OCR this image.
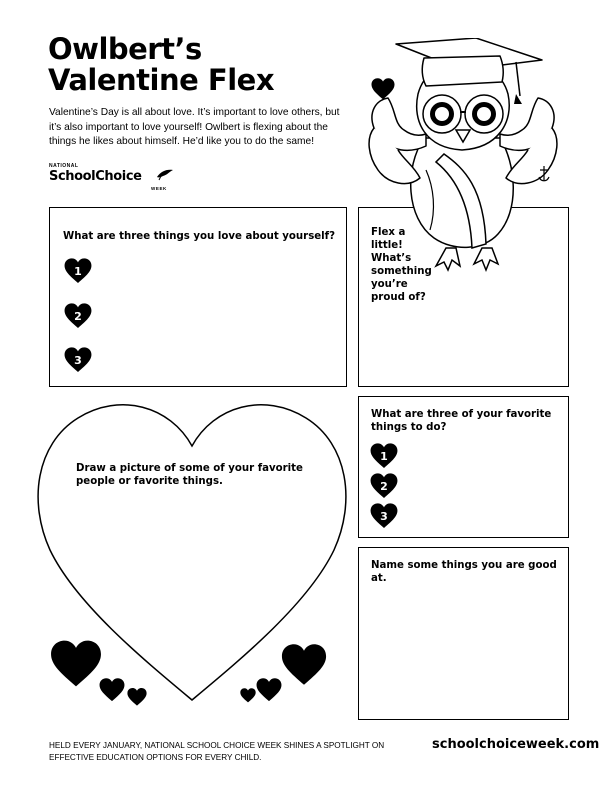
Owlbert’s
Valentine Flex
Valentine’s Day is all about love. It’s important to love others, but it’s also important to love yourself! Owlbert is flexing about the things he likes about himself. He’d like you to do the same!
NATIONAL
SchoolChoice
WEEK
What are three things you love about yourself?
1
2
3
Flex a little! What’s something you’re proud of?
What are three of your favorite things to do?
1
2
3
Name some things you are good at.
Draw a picture of some of your favorite people or favorite things.
HELD EVERY JANUARY, NATIONAL SCHOOL CHOICE WEEK SHINES A SPOTLIGHT ON EFFECTIVE EDUCATION OPTIONS FOR EVERY CHILD.
schoolchoiceweek.com
